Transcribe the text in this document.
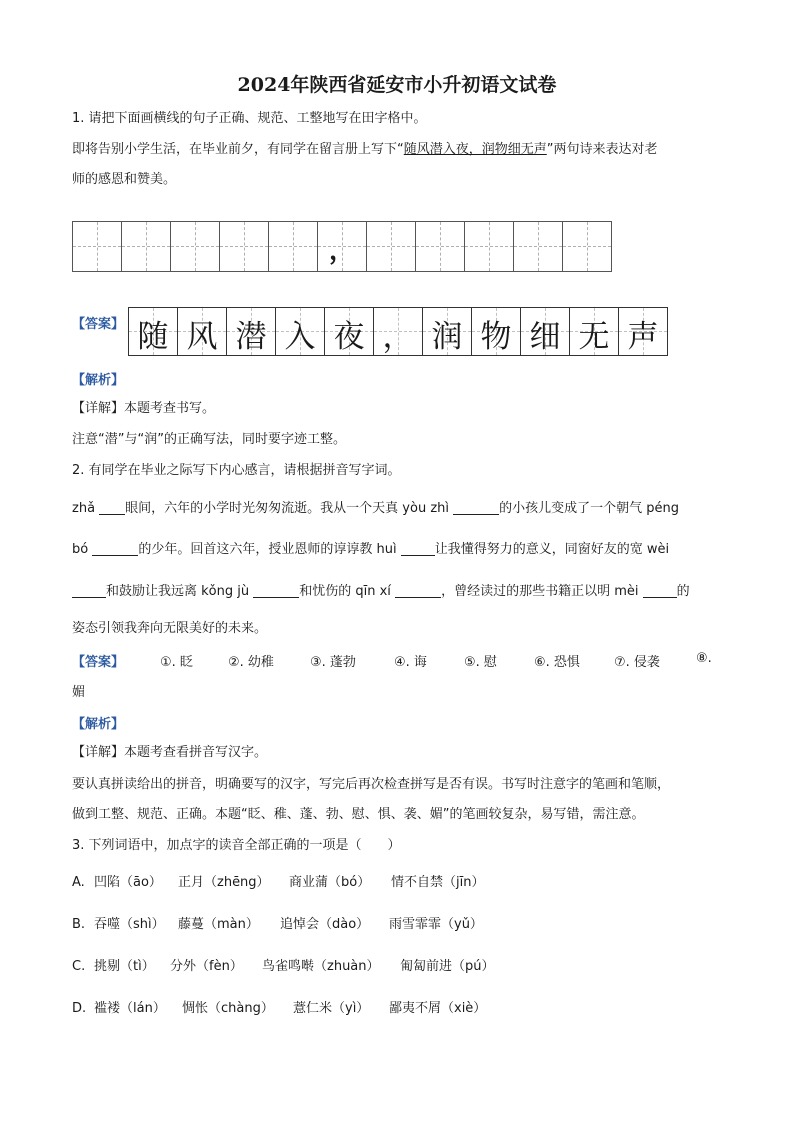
2024年陕西省延安市小升初语文试卷
1. 请把下面画横线的句子正确、规范、工整地写在田字格中。
即将告别小学生活，在毕业前夕，有同学在留言册上写下“随风潜入夜，润物细无声”两句诗来表达对老
师的感恩和赞美。
，
【答案】 随 风 潜 入 夜 ， 润 物 细 无 声
【解析】
【详解】本题考查书写。
注意“潜”与“润”的正确写法，同时要字迹工整。
2. 有同学在毕业之际写下内心感言，请根据拼音写字词。
zhǎ 眼间，六年的小学时光匆匆流逝。我从一个天真 yòu zhì	的小孩儿变成了一个朝气 péng
bó	的少年。回首这六年，授业恩师的谆谆教 huì	让我懂得努力的意义，同窗好友的宽 wèi
和鼓励让我远离 kǒng jù	和忧伤的 qīn xí	，曾经读过的那些书籍正以明 mèi	的
姿态引领我奔向无限美好的未来。
【答案】	①. 眨	②. 幼稚	③. 蓬勃	④. 诲	⑤. 慰	⑥. 恐惧	⑦. 侵袭	⑧.
媚
【解析】
【详解】本题考查看拼音写汉字。
要认真拼读给出的拼音，明确要写的汉字，写完后再次检查拼写是否有误。书写时注意字的笔画和笔顺，
做到工整、规范、正确。本题“眨、稚、蓬、勃、慰、惧、袭、媚”的笔画较复杂，易写错，需注意。
3. 下列词语中，加点字的读音全部正确的一项是（　　）
A. 凹陷（āo） 正月（zhēng） 商业蒲（bó） 情不自禁（jīn）
B. 吞噬（shì） 藤蔓（màn） 追悼会（dào） 雨雪霏霏（yǔ）
C. 挑剔（tì） 分外（fèn） 鸟雀鸣啭（zhuàn） 匍匐前进（pú）
D. 褴褛（lán） 惆怅（chàng） 薏仁米（yì） 鄙夷不屑（xiè）
